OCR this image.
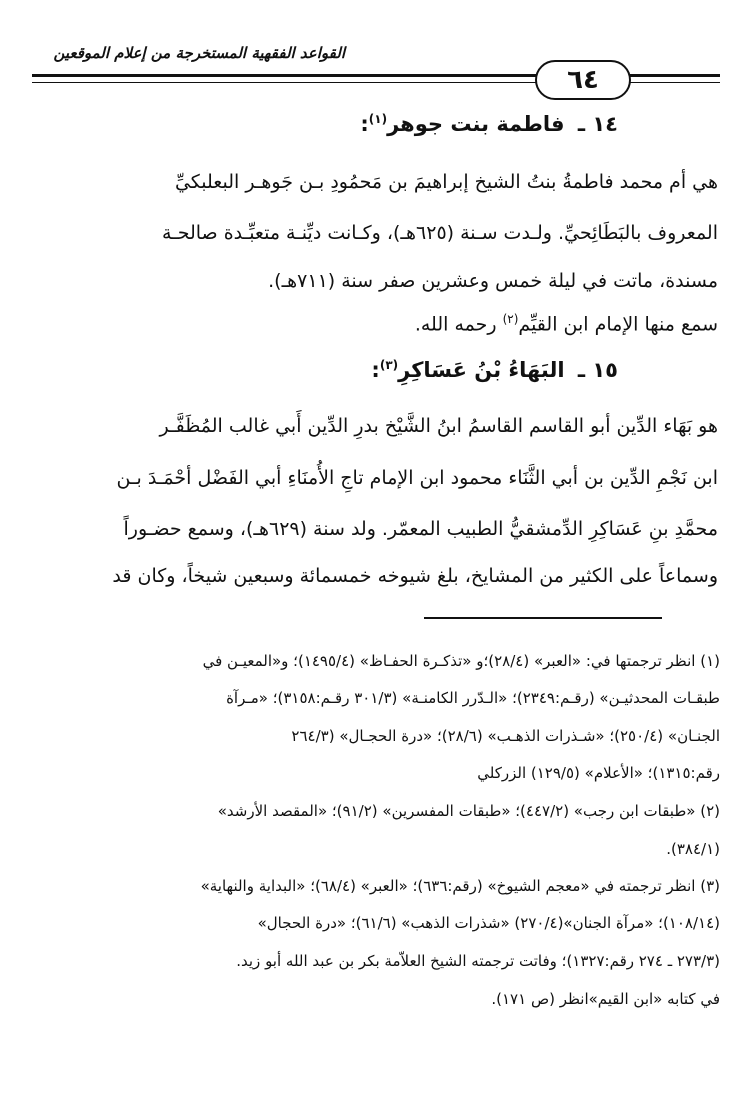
القواعد الفقهية المستخرجة من إعلام الموقعين
٦٤
١٤ ـ فاطمة بنت جوهر$^{(١)}$:
هي أم محمد فاطمةُ بنتُ الشيخ إبراهيمَ بن مَحمُودِ بـن جَوهـر البعلبكيِّ
المعروف بالبَطَائِحيِّ. ولـدت سـنة (٦٢٥هـ)، وكـانت ديِّنـة متعبِّـدة صالحـة
مسندة، ماتت في ليلة خمس وعشرين صفر سنة (٧١١هـ).
سمع منها الإمام ابن القيِّم$^{(٢)}$ رحمه الله.
١٥ ـ البَهَاءُ بْنُ عَسَاكِرِ$^{(٣)}$:
هو بَهَاء الدِّين أبو القاسم القاسمُ ابنُ الشَّيْخ بدرِ الدِّين أَبي غالب المُظَفَّـر
ابن نَجْمِ الدِّين بن أبي الثَّنَاء محمود ابن الإمام تاجِ الأُمنَاءِ أبي الفَضْل أحْمَـدَ بـن
محمَّدِ بنِ عَسَاكِرِ الدِّمشقيُّ الطبيب المعمّر. ولد سنة (٦٢٩هـ)، وسمع حضـوراً
وسماعاً على الكثير من المشايخ، بلغ شيوخه خمسمائة وسبعين شيخاً، وكان قد
(١) انظر ترجمتها في: «العبر» (٢٨/٤)؛و «تذكـرة الحفـاظ» (١٤٩٥/٤)؛ و«المعيـن في
طبقـات المحدثيـن» (رقـم:٢٣٤٩)؛ «الـدّرر الكامنـة» (٣٠١/٣ رقـم:٣١٥٨)؛ «مـرآة
الجنـان» (٢٥٠/٤)؛ «شـذرات الذهـب» (٢٨/٦)؛ «درة الحجـال» (٢٦٤/٣
رقم:١٣١٥)؛ «الأعلام» (١٢٩/٥) الزركلي
(٢) «طبقات ابن رجب» (٤٤٧/٢)؛ «طبقات المفسرين» (٩١/٢)؛ «المقصد الأرشد»
(٣٨٤/١).
(٣) انظر ترجمته في «معجم الشيوخ» (رقم:٦٣٦)؛ «العبر» (٦٨/٤)؛ «البداية والنهاية»
(١٠٨/١٤)؛ «مرآة الجنان»(٢٧٠/٤) «شذرات الذهب» (٦١/٦)؛ «درة الحجال»
(٢٧٣/٣ ـ ٢٧٤ رقم:١٣٢٧)؛ وفاتت ترجمته الشيخ العلاّمة بكر بن عبد الله أبو زيد.
في كتابه «ابن القيم»انظر (ص ١٧١).
